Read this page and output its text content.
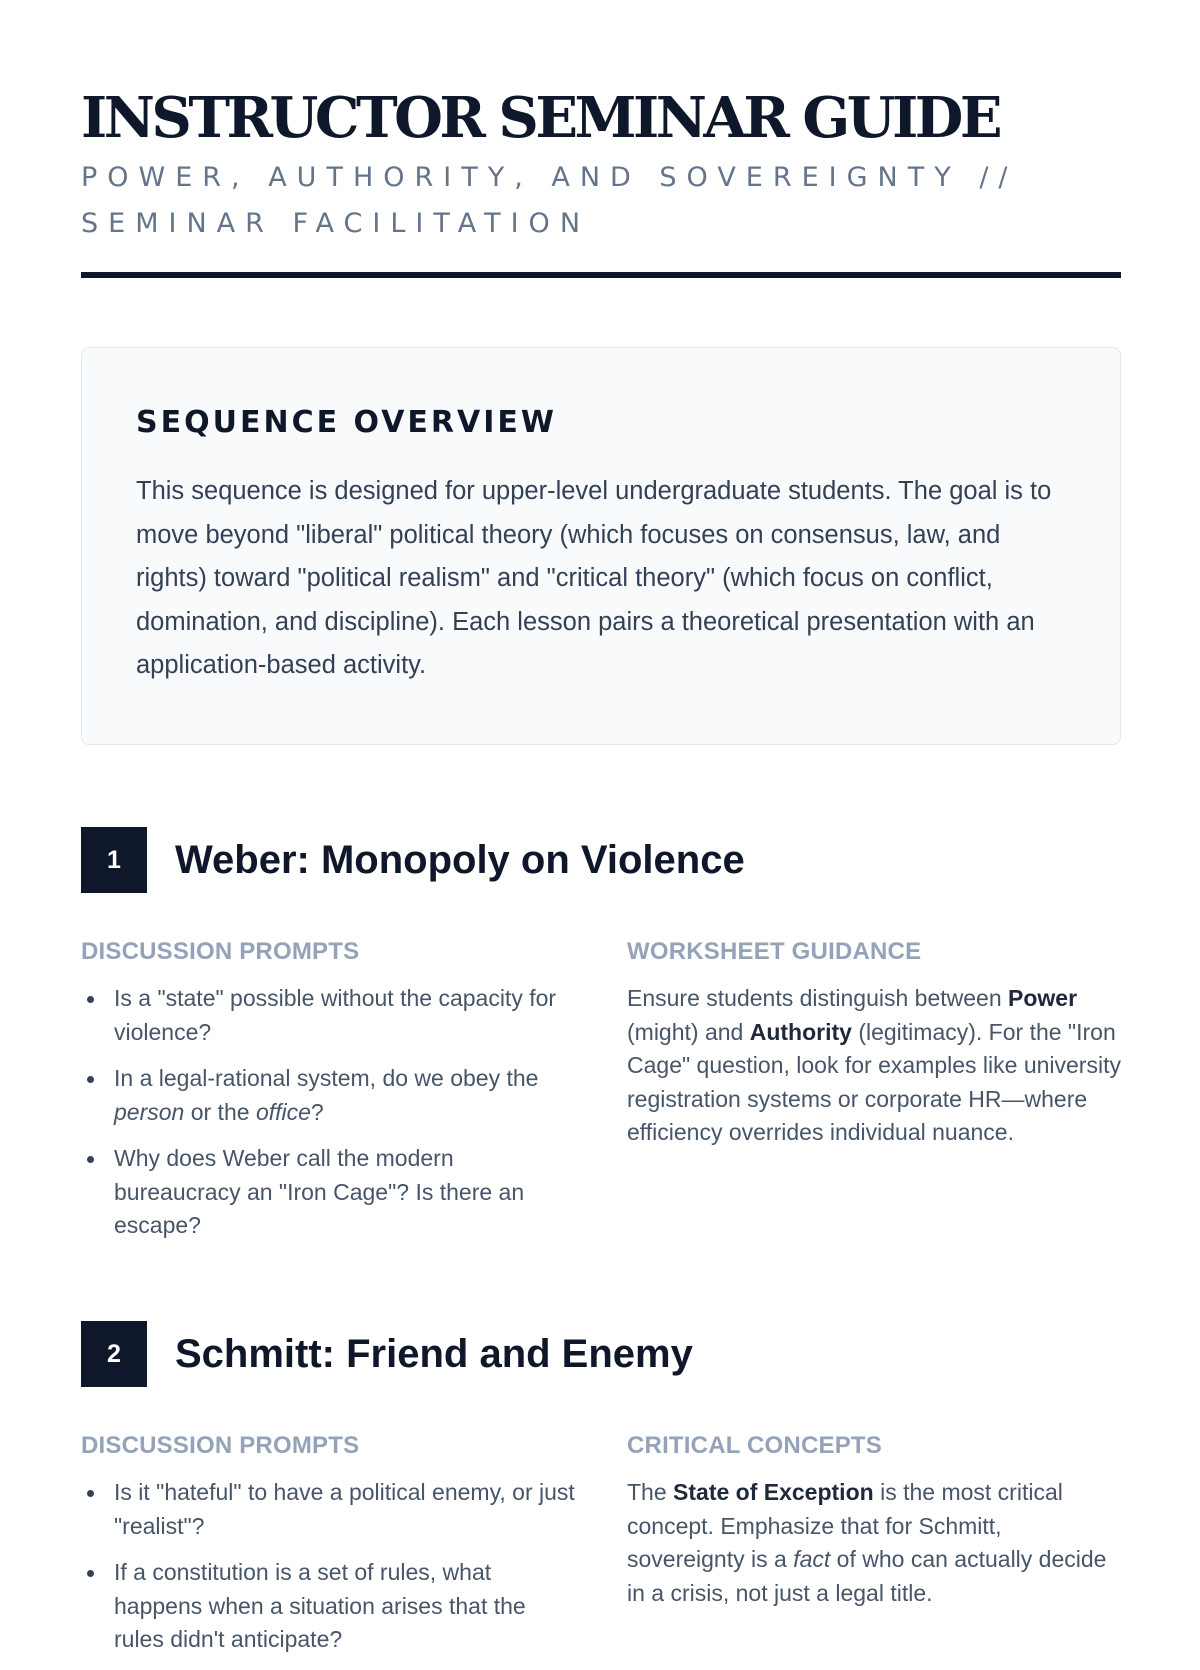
INSTRUCTOR SEMINAR GUIDE

POWER, AUTHORITY, AND SOVEREIGNTY // SEMINAR FACILITATION

SEQUENCE OVERVIEW

This sequence is designed for upper-level undergraduate students. The goal is to move beyond "liberal" political theory (which focuses on consensus, law, and rights) toward "political realism" and "critical theory" (which focus on conflict, domination, and discipline). Each lesson pairs a theoretical presentation with an application-based activity.

1	Weber: Monopoly on Violence
DISCUSSION PROMPTS
Is a "state" possible without the capacity for violence?
In a legal-rational system, do we obey the person or the office?
Why does Weber call the modern bureaucracy an "Iron Cage"? Is there an escape?
WORKSHEET GUIDANCE

Ensure students distinguish between Power (might) and Authority (legitimacy). For the "Iron Cage" question, look for examples like university registration systems or corporate HR—where efficiency overrides individual nuance.

2	Schmitt: Friend and Enemy
DISCUSSION PROMPTS
Is it "hateful" to have a political enemy, or just "realist"?
If a constitution is a set of rules, what happens when a situation arises that the rules didn't anticipate?
CRITICAL CONCEPTS

The State of Exception is the most critical concept. Emphasize that for Schmitt, sovereignty is a fact of who can actually decide in a crisis, not just a legal title.
